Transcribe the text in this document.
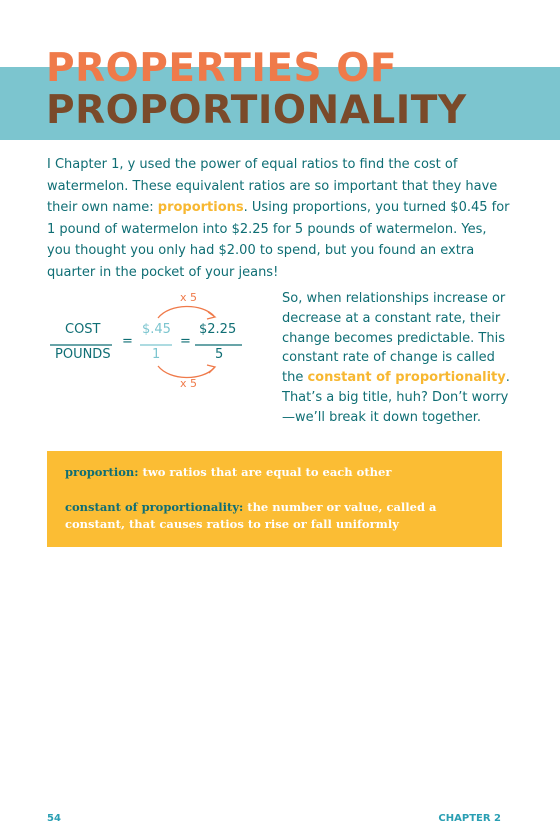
PROPERTIES OF
PROPORTIONALITY

I Chapter 1, y used the power of equal ratios to find the cost of watermelon. These equivalent ratios are so important that they have their own name: proportions. Using proportions, you turned $0.45 for 1 pound of watermelon into $2.25 for 5 pounds of watermelon. Yes, you thought you only had $2.00 to spend, but you found an extra quarter in the pocket of your jeans!

COST
POUNDS
=
$.45
1
=
$2.25
5
x 5
x 5

So, when relationships increase or decrease at a constant rate, their change becomes predictable. This constant rate of change is called the constant of proportionality. That’s a big title, huh? Don’t worry—we’ll break it down together.

proportion: two ratios that are equal to each other

constant of proportionality: the number or value, called a constant, that causes ratios to rise or fall uniformly

54	CHAPTER 2
